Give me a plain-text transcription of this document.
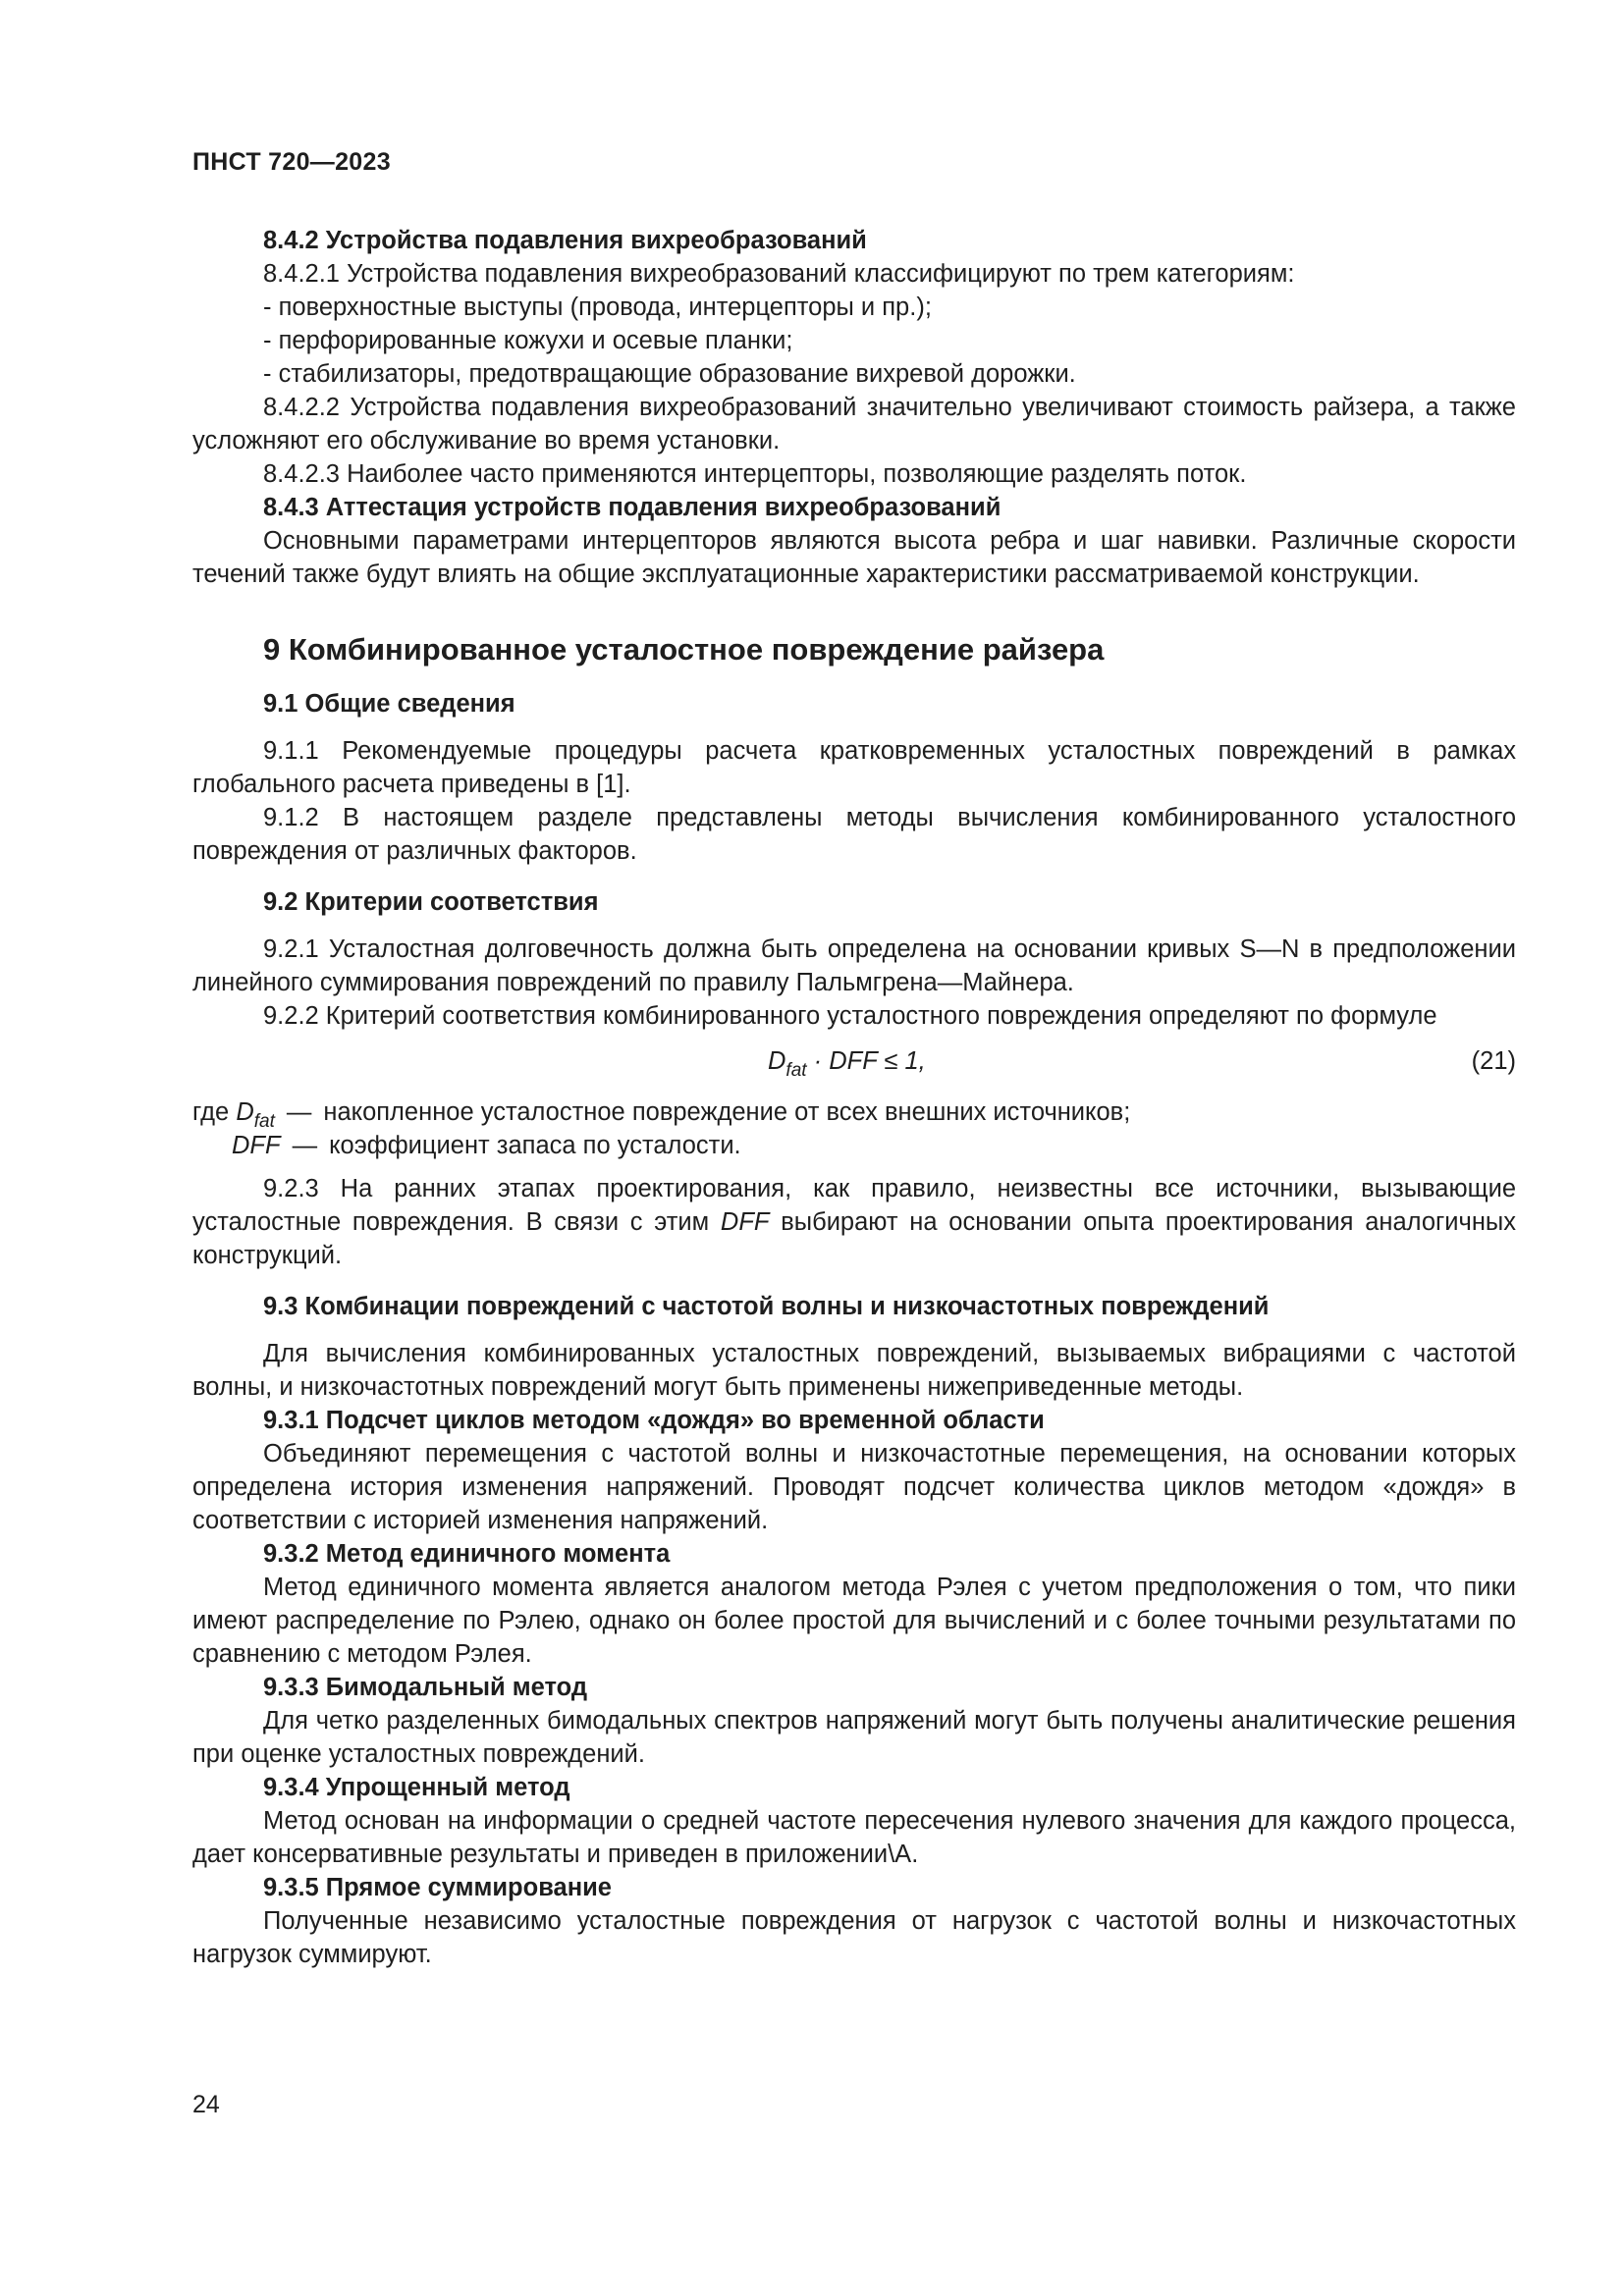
ПНСТ 720—2023

8.4.2 Устройства подавления вихреобразований

8.4.2.1 Устройства подавления вихреобразований классифицируют по трем категориям:

- поверхностные выступы (провода, интерцепторы и пр.);

- перфорированные кожухи и осевые планки;

- стабилизаторы, предотвращающие образование вихревой дорожки.

8.4.2.2 Устройства подавления вихреобразований значительно увеличивают стоимость райзера, а также усложняют его обслуживание во время установки.

8.4.2.3 Наиболее часто применяются интерцепторы, позволяющие разделять поток.

8.4.3 Аттестация устройств подавления вихреобразований

Основными параметрами интерцепторов являются высота ребра и шаг навивки. Различные скорости течений также будут влиять на общие эксплуатационные характеристики рассматриваемой конструкции.

9 Комбинированное усталостное повреждение райзера

9.1 Общие сведения

9.1.1 Рекомендуемые процедуры расчета кратковременных усталостных повреждений в рамках глобального расчета приведены в [1].

9.1.2 В настоящем разделе представлены методы вычисления комбинированного усталостного повреждения от различных факторов.

9.2 Критерии соответствия

9.2.1 Усталостная долговечность должна быть определена на основании кривых S—N в предположении линейного суммирования повреждений по правилу Пальмгрена—Майнера.

9.2.2 Критерий соответствия комбинированного усталостного повреждения определяют по формуле

$D_{fat}$ · DFF ≤ 1,	(21)
где $D_{fat}$ — накопленное усталостное повреждение от всех внешних источников;
DFF — коэффициент запаса по усталости.

9.2.3 На ранних этапах проектирования, как правило, неизвестны все источники, вызывающие усталостные повреждения. В связи с этим DFF выбирают на основании опыта проектирования аналогичных конструкций.

9.3 Комбинации повреждений с частотой волны и низкочастотных повреждений

Для вычисления комбинированных усталостных повреждений, вызываемых вибрациями с частотой волны, и низкочастотных повреждений могут быть применены нижеприведенные методы.

9.3.1 Подсчет циклов методом «дождя» во временной области

Объединяют перемещения с частотой волны и низкочастотные перемещения, на основании которых определена история изменения напряжений. Проводят подсчет количества циклов методом «дождя» в соответствии с историей изменения напряжений.

9.3.2 Метод единичного момента

Метод единичного момента является аналогом метода Рэлея с учетом предположения о том, что пики имеют распределение по Рэлею, однако он более простой для вычислений и с более точными результатами по сравнению с методом Рэлея.

9.3.3 Бимодальный метод

Для четко разделенных бимодальных спектров напряжений могут быть получены аналитические решения при оценке усталостных повреждений.

9.3.4 Упрощенный метод

Метод основан на информации о средней частоте пересечения нулевого значения для каждого процесса, дает консервативные результаты и приведен в приложении\А.

9.3.5 Прямое суммирование

Полученные независимо усталостные повреждения от нагрузок с частотой волны и низкочастотных нагрузок суммируют.

24
